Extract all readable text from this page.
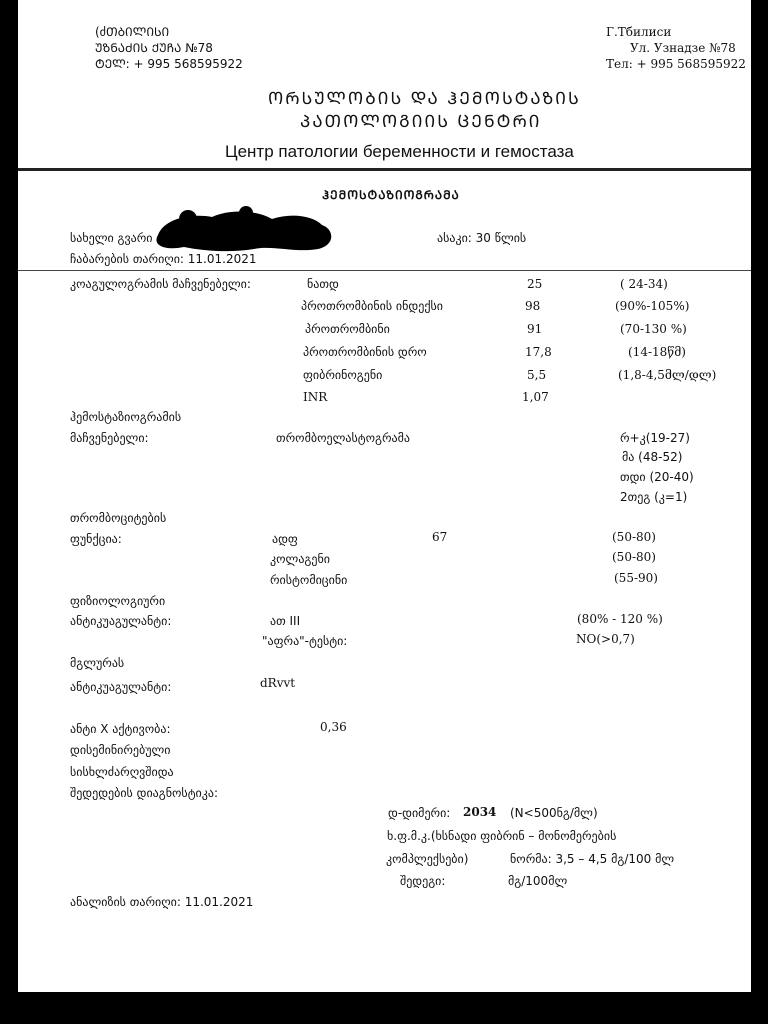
(ძᲗᲑᲘᲚᲘᲡᲘ
ᲣᲖᲜᲐᲫᲘᲡ ᲥᲣᲩᲐ №78
ᲢᲔᲚ: + 995 568595922
Г.Тбилиси
Ул. Узнадзе №78
Тел: + 995 568595922
ᲝᲠᲡᲣᲚᲝᲑᲘᲡ ᲓᲐ ᲰᲔᲛᲝᲡᲢᲐᲖᲘᲡ
ᲞᲐᲗᲝᲚᲝᲒᲘᲘᲡ ᲪᲔᲜᲢᲠᲘ
Центр патологии беременности и гемостаза
ᲰᲔᲛᲝᲡᲢᲐᲖᲘᲝᲒᲠᲐᲛᲐ
სახელი გვარი	ასაკი: 30 წლის
ჩაბარების თარიღი: 11.01.2021
კოაგულოგრამის მაჩვენებელი:	ნათდ	25	( 24-34)
პროთრომბინის ინდექსი	98	(90%-105%)
პროთრომბინი	91	(70-130 %)
პროთრომბინის დრო	17,8	(14-18წმ)
ფიბრინოგენი	5,5	(1,8-4,5მლ/დლ)
INR	1,07
ჰემოსტაზიოგრამის
მაჩვენებელი:	თრომბოელასტოგრამა	რ+კ(19-27)
მა (48-52)
თდი (20-40)
2თეგ (კ=1)
თრომბოციტების
ფუნქცია:	ადფ	67	(50-80)
კოლაგენი	(50-80)
რისტომიცინი	(55-90)
ფიზიოლოგიური
ანტიკუაგულანტი:	ათ III	(80% - 120 %)
"აფრა"-ტესტი:	NO(>0,7)
მგლურას
ანტიკუაგულანტი:	dRvvt
ანტი X აქტივობა:	0,36
დისემინირებული
სისხლძარღვშიდა
შედედების დიაგნოსტიკა:
დ-დიმერი: 2034 (N<500ნგ/მლ)
ხ.ფ.მ.კ.(ხსნადი ფიბრინ – მონომერების
კომპლექსები)	ნორმა: 3,5 – 4,5 მგ/100 მლ
შედეგი:	მგ/100მლ
ანალიზის თარიღი: 11.01.2021
